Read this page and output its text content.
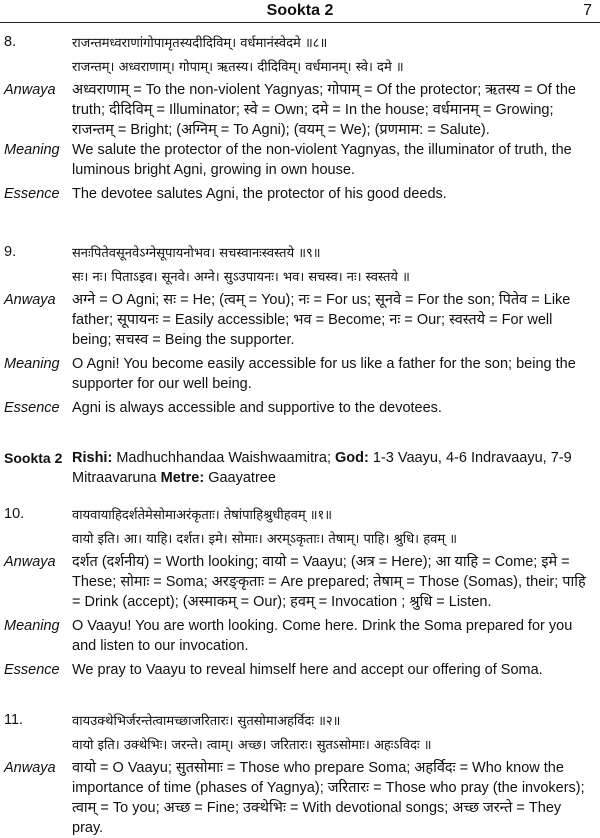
Sookta 2	7
8.	राजन्तमध्वराणांगोपामृतस्यदीदिविम्। वर्धमानंस्वेदमे ॥८॥
राजन्तम्। अध्वराणाम्। गोपाम्। ऋतस्य। दीदिविम्। वर्धमानम्। स्वे। दमे ॥
Anwaya	अध्वराणाम् = To the non-violent Yagnyas; गोपाम् = Of the protector; ऋतस्य = Of the truth; दीदिविम् = Illuminator; स्वे = Own; दमे = In the house; वर्धमानम् = Growing; राजन्तम् = Bright; (अग्निम् = To Agni); (वयम् = We); (प्रणमाम: = Salute).
Meaning We salute the protector of the non-violent Yagnyas, the illuminator of truth, the luminous bright Agni, growing in own house.
Essence The devotee salutes Agni, the protector of his good deeds.
9.	सनःपितेवसूनवेऽग्नेसूपायनोभव। सचस्वानःस्वस्तये ॥९॥
सः। नः। पिताऽइव। सूनवे। अग्ने। सुऽउपायनः। भव। सचस्व। नः। स्वस्तये ॥
Anwaya	अग्ने = O Agni; सः = He; (त्वम् = You); नः = For us; सूनवे = For the son; पितेव = Like father; सूपायनः = Easily accessible; भव = Become; नः = Our; स्वस्तये = For well being; सचस्व = Being the supporter.
Meaning O Agni! You become easily accessible for us like a father for the son; being the supporter for our well being.
Essence Agni is always accessible and supportive to the devotees.
Sookta 2 Rishi: Madhuchhandaa Waishwaamitra; God: 1-3 Vaayu, 4-6 Indravaayu, 7-9 Mitraavaruna Metre: Gaayatree
10.	वायवायाहिदर्शतेमेसोमाअरंकृताः। तेषांपाहिश्रुधीहवम् ॥१॥
वायो इति। आ। याहि। दर्शत। इमे। सोमाः। अरम्ऽकृताः। तेषाम्। पाहि। श्रुधि। हवम् ॥
Anwaya	दर्शत (दर्शनीय) = Worth looking; वायो = Vaayu; (अत्र = Here); आ याहि = Come; इमे = These; सोमाः = Soma; अरङ्कृताः = Are prepared; तेषाम् = Those (Somas), their; पाहि = Drink (accept); (अस्माकम् = Our); हवम् = Invocation ; श्रुधि = Listen.
Meaning O Vaayu! You are worth looking. Come here. Drink the Soma prepared for you and listen to our invocation.
Essence We pray to Vaayu to reveal himself here and accept our offering of Soma.
11.	वायउक्थेभिर्जरन्तेत्वामच्छाजरितारः। सुतसोमाअहर्विदः ॥२॥
वायो इति। उक्थेभिः। जरन्ते। त्वाम्। अच्छ। जरितारः। सुतऽसोमाः। अहःऽविदः ॥
Anwaya	वायो = O Vaayu; सुतसोमाः = Those who prepare Soma; अहर्विदः = Who know the importance of time (phases of Yagnya); जरितारः = Those who pray (the invokers); त्वाम् = To you; अच्छ = Fine; उक्थेभिः = With devotional songs; अच्छ जरन्ते = They pray.
